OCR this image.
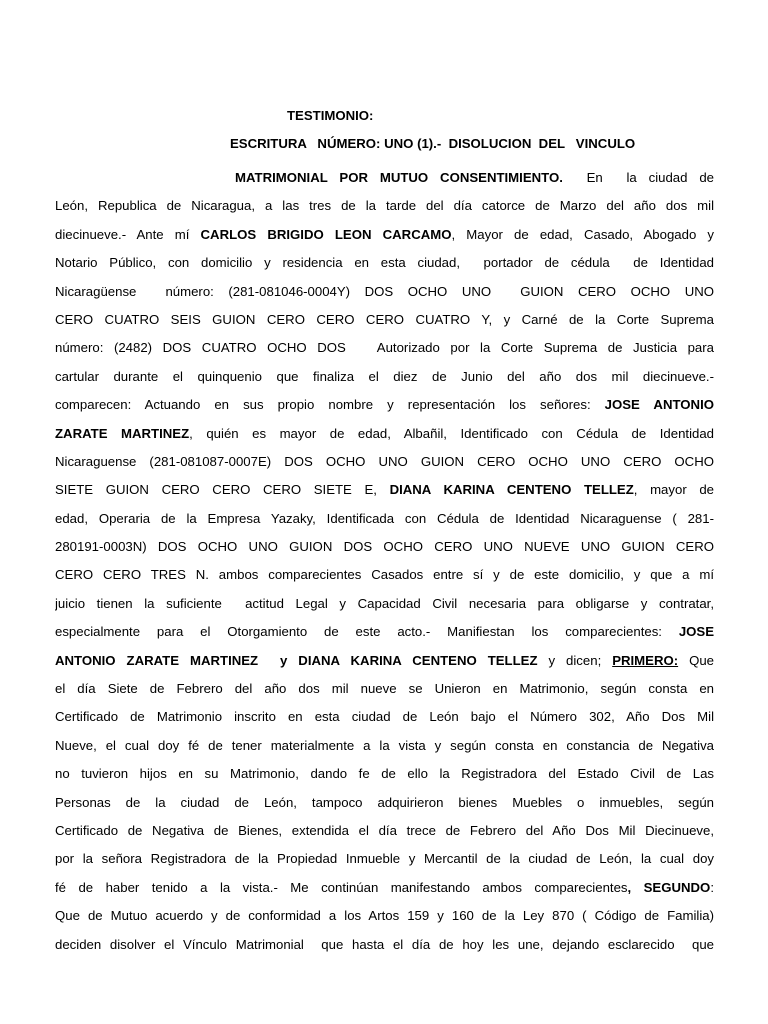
TESTIMONIO:
ESCRITURA   NÚMERO: UNO (1).-  DISOLUCION  DEL   VINCULO
MATRIMONIAL POR MUTUO CONSENTIMIENTO.  En  la ciudad de
León, Republica de Nicaragua, a las tres de la tarde del día catorce de Marzo del año dos mil
diecinueve.- Ante mí CARLOS BRIGIDO LEON CARCAMO, Mayor de edad, Casado, Abogado y
Notario Público, con domicilio y residencia en esta ciudad,  portador de cédula  de Identidad
Nicaragüense  número: (281-081046-0004Y) DOS OCHO UNO  GUION CERO OCHO UNO
CERO CUATRO SEIS GUION CERO CERO CERO CUATRO Y, y Carné de la Corte Suprema
número: (2482) DOS CUATRO OCHO DOS   Autorizado por la Corte Suprema de Justicia para
cartular durante el quinquenio que finaliza el diez de Junio del año dos mil diecinueve.-
comparecen: Actuando en sus propio nombre y representación los señores: JOSE ANTONIO
ZARATE MARTINEZ, quién es mayor de edad, Albañil, Identificado con Cédula de Identidad
Nicaraguense (281-081087-0007E) DOS OCHO UNO GUION CERO OCHO UNO CERO OCHO
SIETE GUION CERO CERO CERO SIETE E, DIANA KARINA CENTENO TELLEZ, mayor de
edad, Operaria de la Empresa Yazaky, Identificada con Cédula de Identidad Nicaraguense ( 281-
280191-0003N) DOS OCHO UNO GUION DOS OCHO CERO UNO NUEVE UNO GUION CERO
CERO CERO TRES N. ambos comparecientes Casados entre sí y de este domicilio, y que a mí
juicio tienen la suficiente  actitud Legal y Capacidad Civil necesaria para obligarse y contratar,
especialmente para el Otorgamiento de este acto.- Manifiestan los comparecientes: JOSE
ANTONIO ZARATE MARTINEZ  y DIANA KARINA CENTENO TELLEZ y dicen; PRIMERO: Que
el día Siete de Febrero del año dos mil nueve se Unieron en Matrimonio, según consta en
Certificado de Matrimonio inscrito en esta ciudad de León bajo el Número 302, Año Dos Mil
Nueve, el cual doy fé de tener materialmente a la vista y según consta en constancia de Negativa
no tuvieron hijos en su Matrimonio, dando fe de ello la Registradora del Estado Civil de Las
Personas de la ciudad de León, tampoco adquirieron bienes Muebles o inmuebles, según
Certificado de Negativa de Bienes, extendida el día trece de Febrero del Año Dos Mil Diecinueve,
por la señora Registradora de la Propiedad Inmueble y Mercantil de la ciudad de León, la cual doy
fé de haber tenido a la vista.- Me continúan manifestando ambos comparecientes, SEGUNDO:
Que de Mutuo acuerdo y de conformidad a los Artos 159 y 160 de la Ley 870 ( Código de Familia)
deciden disolver el Vínculo Matrimonial  que hasta el día de hoy les une, dejando esclarecido  que
